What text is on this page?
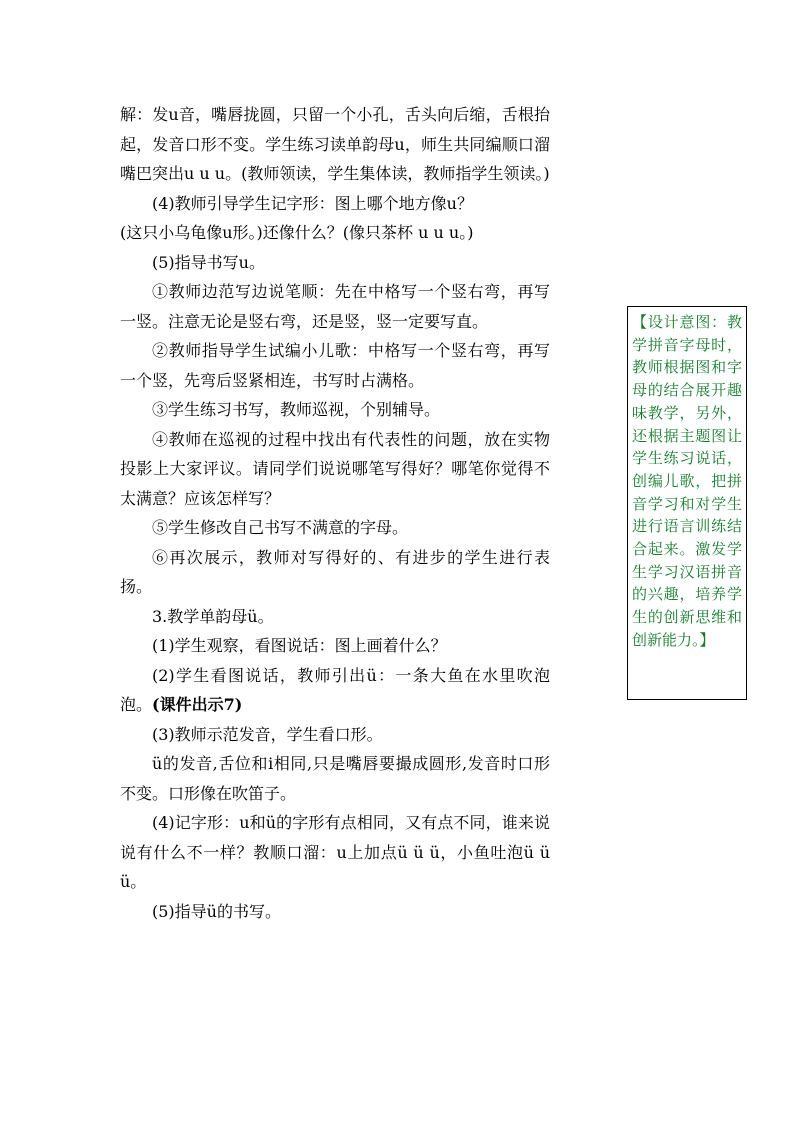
解：发u音，嘴唇拢圆，只留一个小孔，舌头向后缩，舌根抬起，发音口形不变。学生练习读单韵母u，师生共同编顺口溜 嘴巴突出u u u。(教师领读，学生集体读，教师指学生领读。)

(4)教师引导学生记字形：图上哪个地方像u？

(这只小乌龟像u形。)还像什么？(像只茶杯 u u u。)

(5)指导书写u。

①教师边范写边说笔顺：先在中格写一个竖右弯，再写一竖。注意无论是竖右弯，还是竖，竖一定要写直。

②教师指导学生试编小儿歌：中格写一个竖右弯，再写一个竖，先弯后竖紧相连，书写时占满格。

③学生练习书写，教师巡视，个别辅导。

④教师在巡视的过程中找出有代表性的问题，放在实物投影上大家评议。请同学们说说哪笔写得好？哪笔你觉得不太满意？应该怎样写？

⑤学生修改自己书写不满意的字母。

⑥再次展示，教师对写得好的、有进步的学生进行表扬。

3.教学单韵母ü。

(1)学生观察，看图说话：图上画着什么？

(2)学生看图说话，教师引出ü：一条大鱼在水里吹泡泡。(课件出示7)

(3)教师示范发音，学生看口形。

ü的发音,舌位和i相同,只是嘴唇要撮成圆形,发音时口形不变。口形像在吹笛子。

(4)记字形：u和ü的字形有点相同，又有点不同，谁来说说有什么不一样？教顺口溜：u上加点ü ü ü，小鱼吐泡ü ü ü。

(5)指导ü的书写。

【设计意图：教学拼音字母时，教师根据图和字母的结合展开趣味教学，另外，还根据主题图让学生练习说话，创编儿歌，把拼音学习和对学生进行语言训练结合起来。激发学生学习汉语拼音的兴趣，培养学生的创新思维和创新能力。】
